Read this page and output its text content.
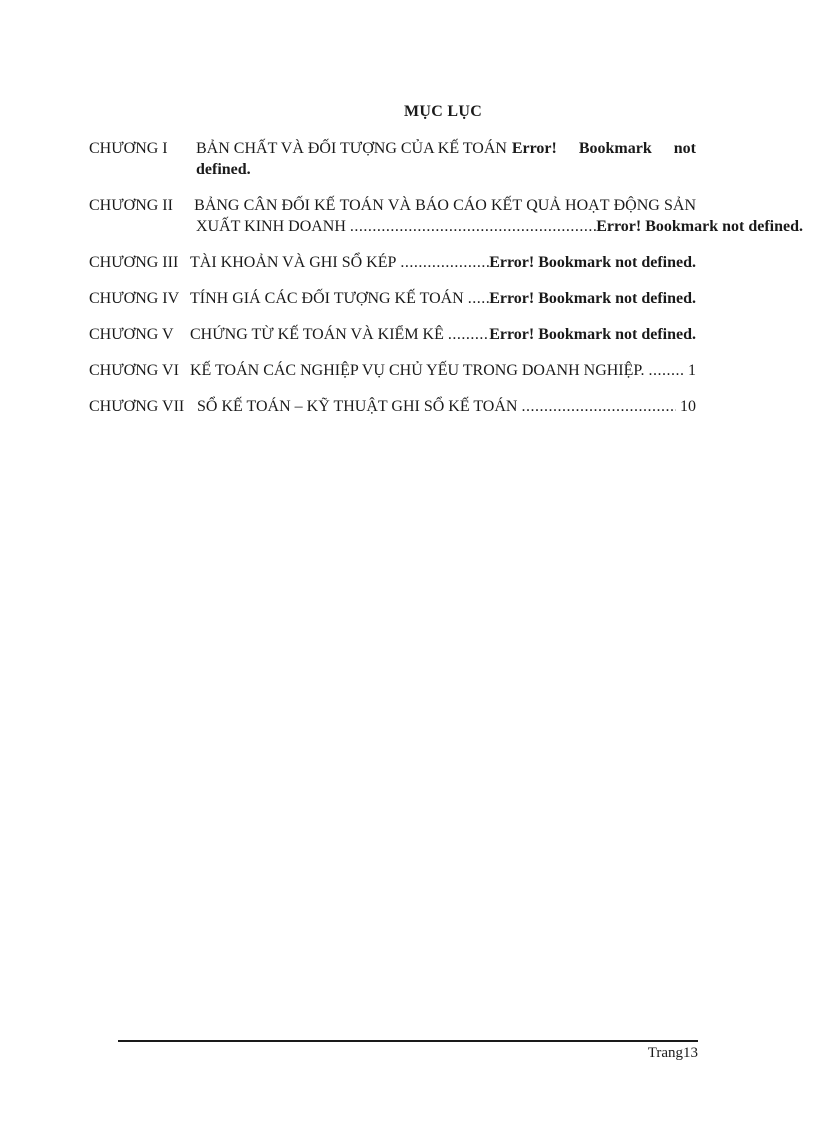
MỤC LỤC
CHƯƠNG I	BẢN CHẤT VÀ ĐỐI TƯỢNG CỦA KẾ TOÁN Error! Bookmark not
defined.
CHƯƠNG II	BẢNG CÂN ĐỐI KẾ TOÁN VÀ BÁO CÁO KẾT QUẢ HOẠT ĐỘNG SẢN
XUẤT KINH DOANH .....	Error! Bookmark not defined.
CHƯƠNG III TÀI KHOẢN VÀ GHI SỔ KÉP .....	Error! Bookmark not defined.
CHƯƠNG IV TÍNH GIÁ CÁC ĐỐI TƯỢNG KẾ TOÁN ..... Error! Bookmark not defined.
CHƯƠNG V	CHỨNG TỪ KẾ TOÁN VÀ KIỂM KÊ .....	Error! Bookmark not defined.
CHƯƠNG VI KẾ TOÁN CÁC NGHIỆP VỤ CHỦ YẾU TRONG DOANH NGHIỆP. .....	1
CHƯƠNG VII SỔ KẾ TOÁN – KỸ THUẬT GHI SỔ KẾ TOÁN .....	10
Trang13
